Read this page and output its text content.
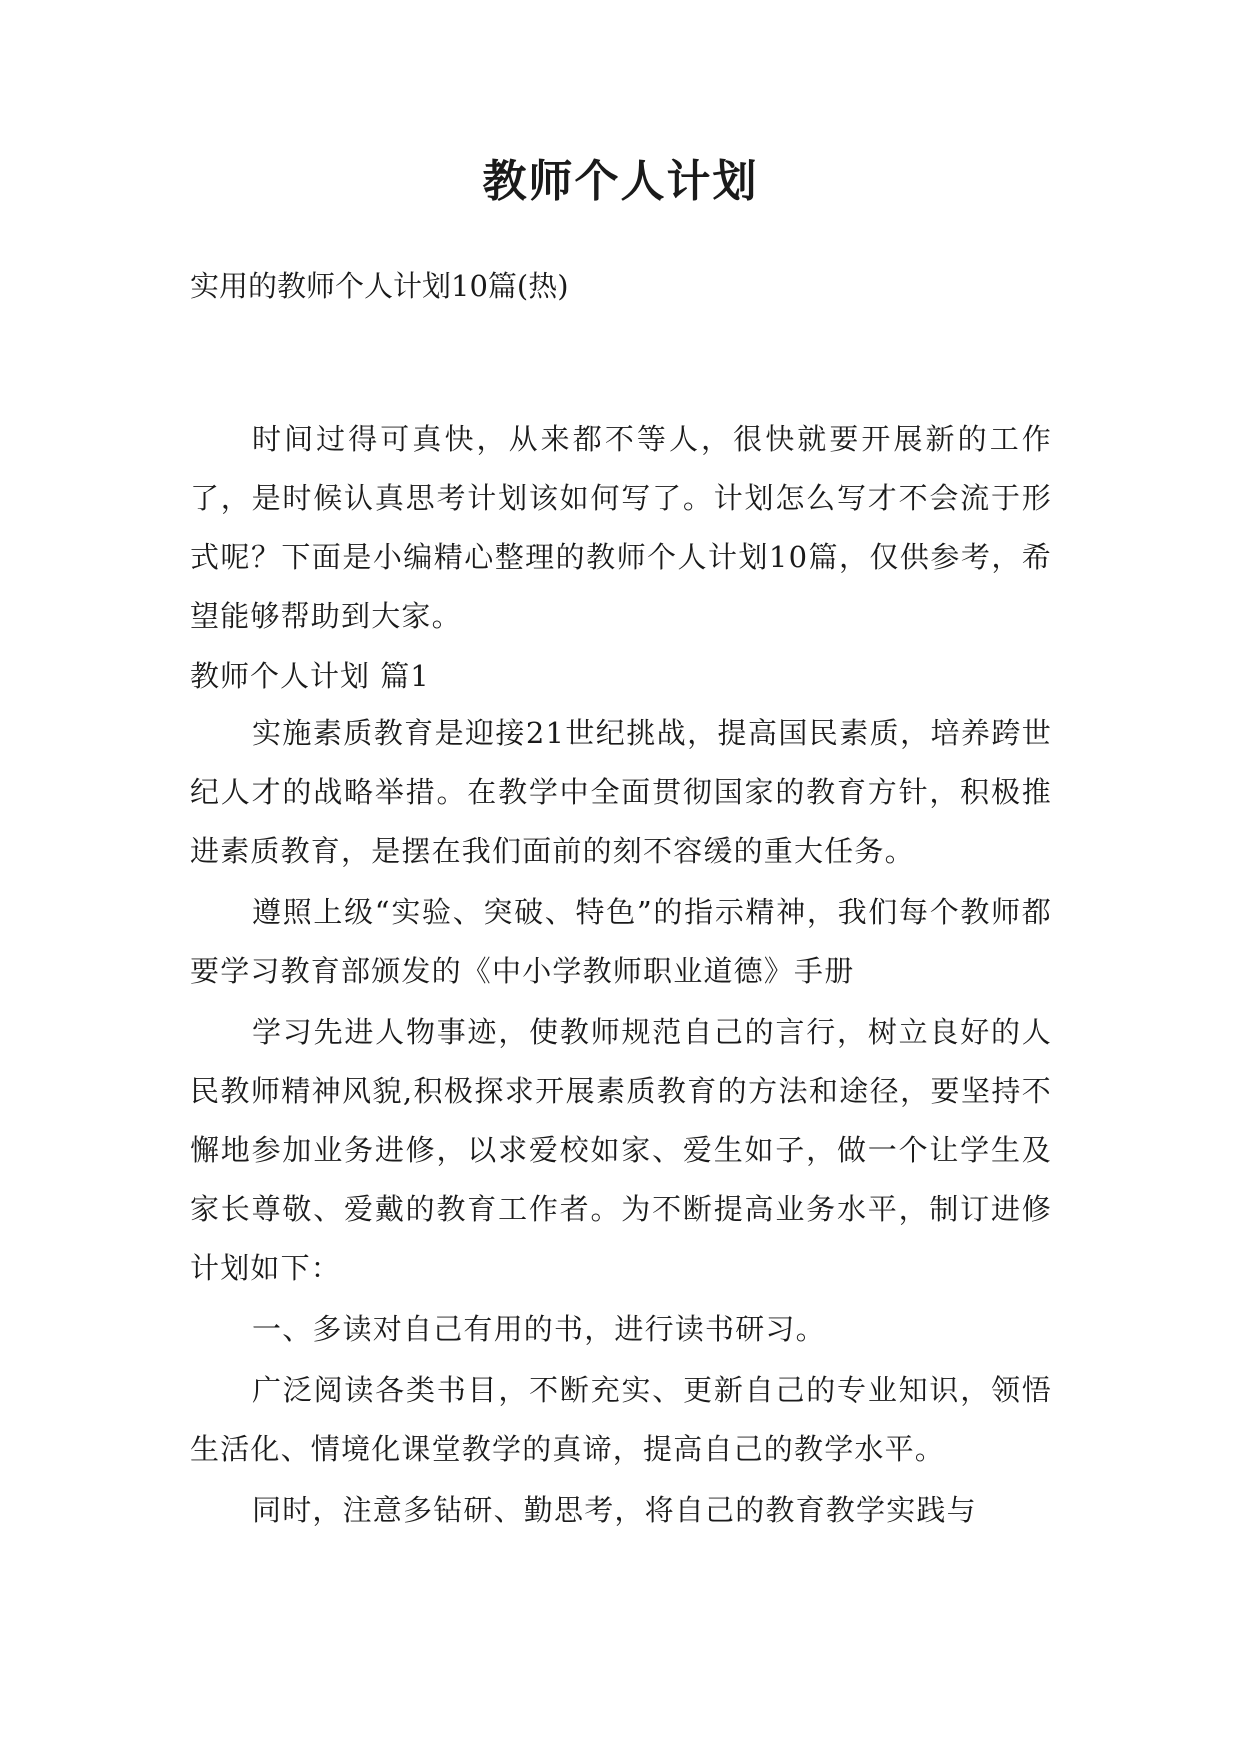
教师个人计划

实用的教师个人计划10篇(热)

时间过得可真快，从来都不等人，很快就要开展新的工作了，是时候认真思考计划该如何写了。计划怎么写才不会流于形式呢？下面是小编精心整理的教师个人计划10篇，仅供参考，希望能够帮助到大家。

教师个人计划 篇1

实施素质教育是迎接21世纪挑战，提高国民素质，培养跨世纪人才的战略举措。在教学中全面贯彻国家的教育方针，积极推进素质教育，是摆在我们面前的刻不容缓的重大任务。

遵照上级“实验、突破、特色”的指示精神，我们每个教师都要学习教育部颁发的《中小学教师职业道德》手册

学习先进人物事迹，使教师规范自己的言行，树立良好的人民教师精神风貌,积极探求开展素质教育的方法和途径，要坚持不懈地参加业务进修，以求爱校如家、爱生如子，做一个让学生及家长尊敬、爱戴的教育工作者。为不断提高业务水平，制订进修计划如下：

一、多读对自己有用的书，进行读书研习。

广泛阅读各类书目，不断充实、更新自己的专业知识，领悟生活化、情境化课堂教学的真谛，提高自己的教学水平。

同时，注意多钻研、勤思考，将自己的教育教学实践与
